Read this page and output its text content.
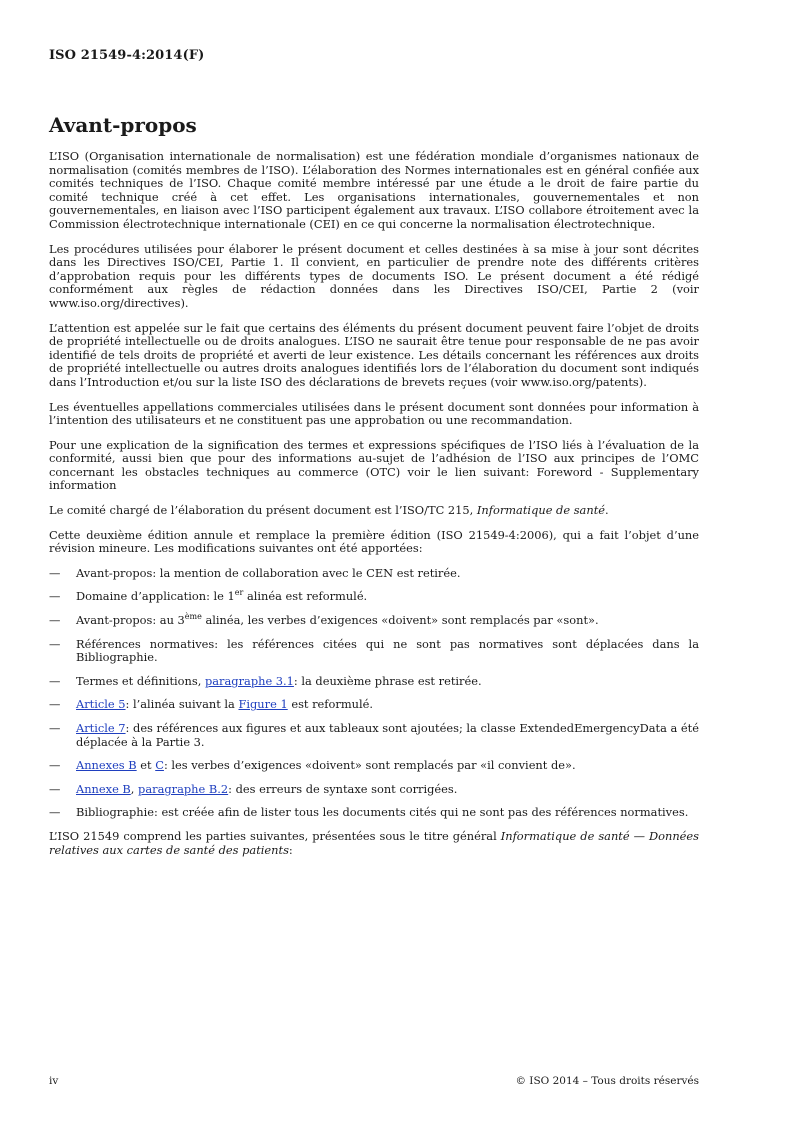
ISO 21549-4:2014(F)
Avant-propos

L’ISO (Organisation internationale de normalisation) est une fédération mondiale d’organismes nationaux de normalisation (comités membres de l’ISO). L’élaboration des Normes internationales est en général confiée aux comités techniques de l’ISO. Chaque comité membre intéressé par une étude a le droit de faire partie du comité technique créé à cet effet. Les organisations internationales, gouvernementales et non gouvernementales, en liaison avec l’ISO participent également aux travaux. L’ISO collabore étroitement avec la Commission électrotechnique internationale (CEI) en ce qui concerne la normalisation électrotechnique.

Les procédures utilisées pour élaborer le présent document et celles destinées à sa mise à jour sont décrites dans les Directives ISO/CEI, Partie 1. Il convient, en particulier de prendre note des différents critères d’approbation requis pour les différents types de documents ISO. Le présent document a été rédigé conformément aux règles de rédaction données dans les Directives ISO/CEI, Partie 2 (voir www.iso.org/directives).

L’attention est appelée sur le fait que certains des éléments du présent document peuvent faire l’objet de droits de propriété intellectuelle ou de droits analogues. L’ISO ne saurait être tenue pour responsable de ne pas avoir identifié de tels droits de propriété et averti de leur existence. Les détails concernant les références aux droits de propriété intellectuelle ou autres droits analogues identifiés lors de l’élaboration du document sont indiqués dans l’Introduction et/ou sur la liste ISO des déclarations de brevets reçues (voir www.iso.org/patents).

Les éventuelles appellations commerciales utilisées dans le présent document sont données pour information à l’intention des utilisateurs et ne constituent pas une approbation ou une recommandation.

Pour une explication de la signification des termes et expressions spécifiques de l’ISO liés à l’évaluation de la conformité, aussi bien que pour des informations au-sujet de l’adhésion de l’ISO aux principes de l’OMC concernant les obstacles techniques au commerce (OTC) voir le lien suivant: Foreword - Supplementary information

Le comité chargé de l’élaboration du présent document est l’ISO/TC 215, Informatique de santé.

Cette deuxième édition annule et remplace la première édition (ISO 21549-4:2006), qui a fait l’objet d’une révision mineure. Les modifications suivantes ont été apportées:

—	Avant-propos: la mention de collaboration avec le CEN est retirée.
—	Domaine d’application: le 1er alinéa est reformulé.
—	Avant-propos: au 3ème alinéa, les verbes d’exigences «doivent» sont remplacés par «sont».
—	Références normatives: les références citées qui ne sont pas normatives sont déplacées dans la Bibliographie.
—	Termes et définitions, paragraphe 3.1: la deuxième phrase est retirée.
—	Article 5: l’alinéa suivant la Figure 1 est reformulé.
—	Article 7: des références aux figures et aux tableaux sont ajoutées; la classe ExtendedEmergencyData a été déplacée à la Partie 3.
—	Annexes B et C: les verbes d’exigences «doivent» sont remplacés par «il convient de».
—	Annexe B, paragraphe B.2: des erreurs de syntaxe sont corrigées.
—	Bibliographie: est créée afin de lister tous les documents cités qui ne sont pas des références normatives.

L’ISO 21549 comprend les parties suivantes, présentées sous le titre général Informatique de santé — Données relatives aux cartes de santé des patients:

iv	© ISO 2014 – Tous droits réservés
